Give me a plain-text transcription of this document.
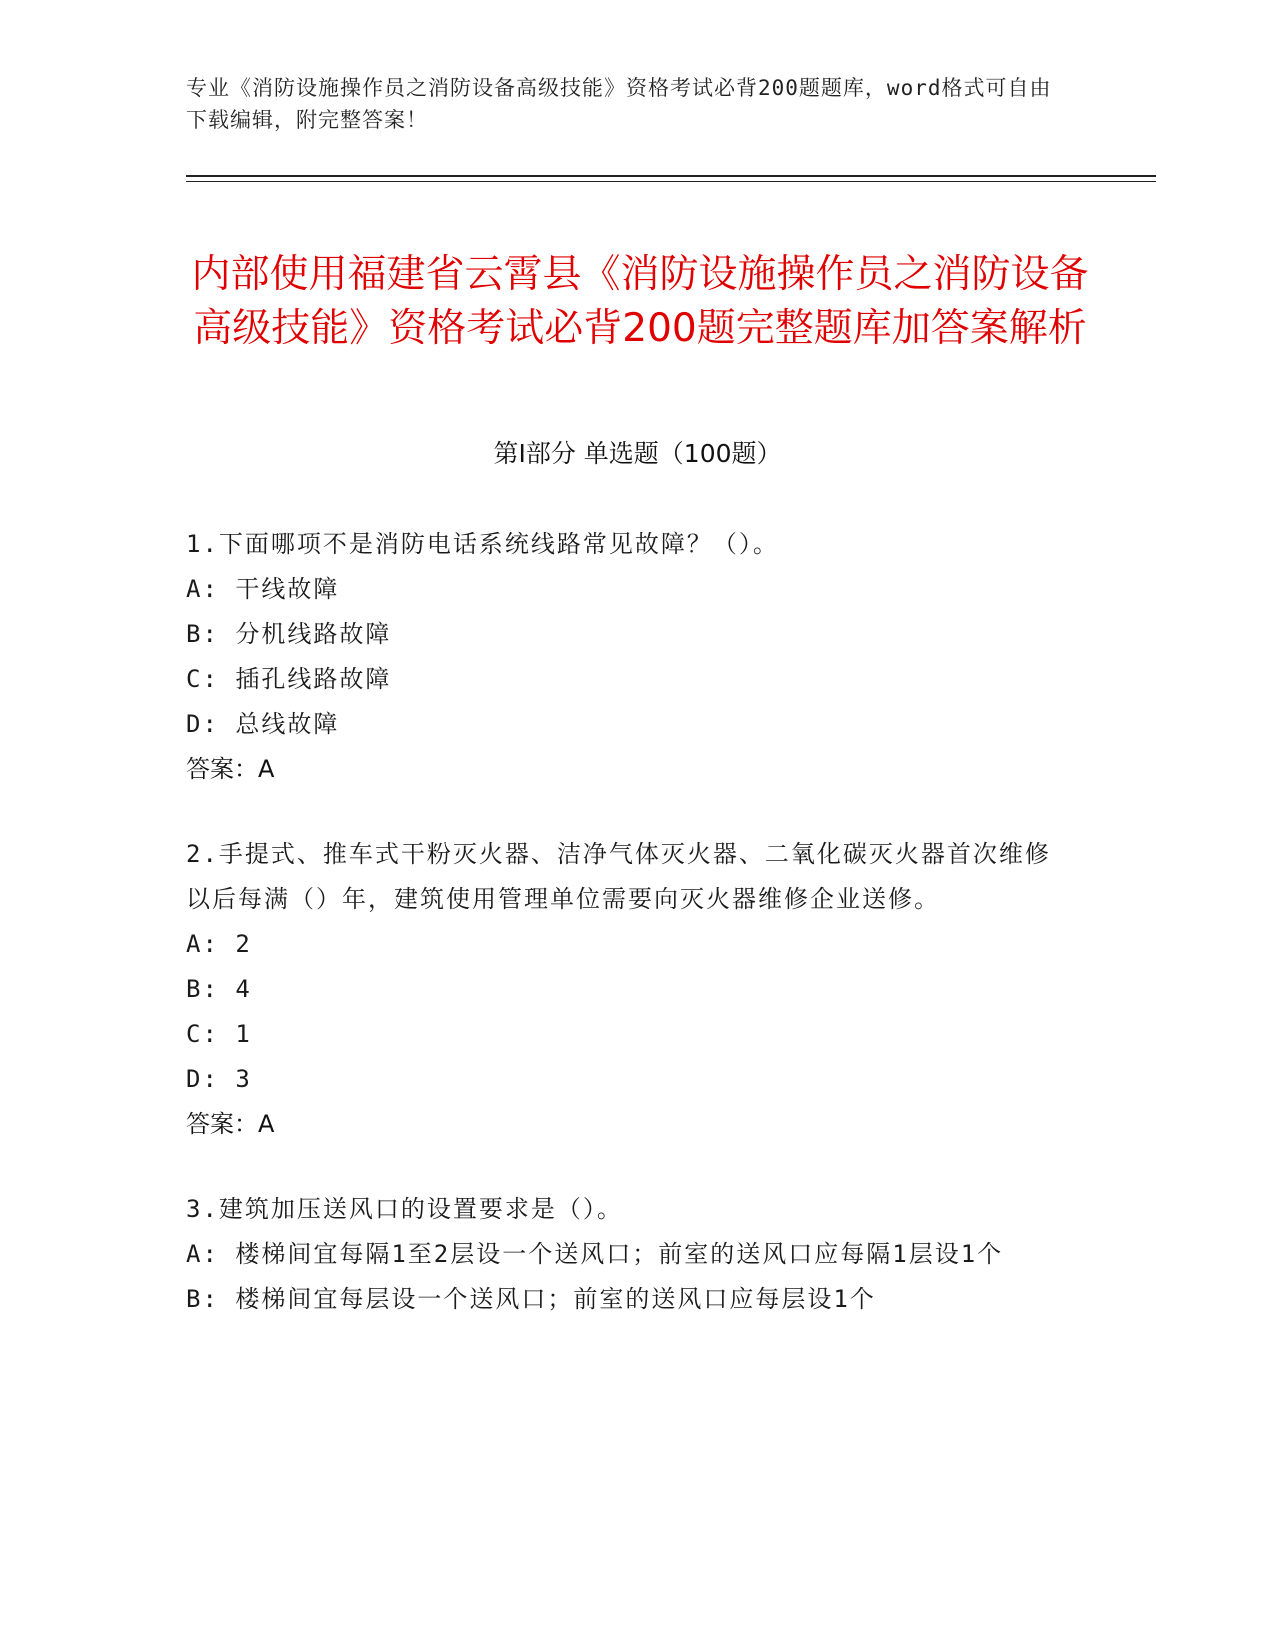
专业《消防设施操作员之消防设备高级技能》资格考试必背200题题库，word格式可自由下载编辑，附完整答案！
内部使用福建省云霄县《消防设施操作员之消防设备高级技能》资格考试必背200题完整题库加答案解析
第I部分 单选题（100题）
1.下面哪项不是消防电话系统线路常见故障？（）。
A: 干线故障
B: 分机线路故障
C: 插孔线路故障
D: 总线故障
答案：A
2.手提式、推车式干粉灭火器、洁净气体灭火器、二氧化碳灭火器首次维修以后每满（）年，建筑使用管理单位需要向灭火器维修企业送修。
A: 2
B: 4
C: 1
D: 3
答案：A
3.建筑加压送风口的设置要求是（）。
A: 楼梯间宜每隔1至2层设一个送风口；前室的送风口应每隔1层设1个
B: 楼梯间宜每层设一个送风口；前室的送风口应每层设1个
